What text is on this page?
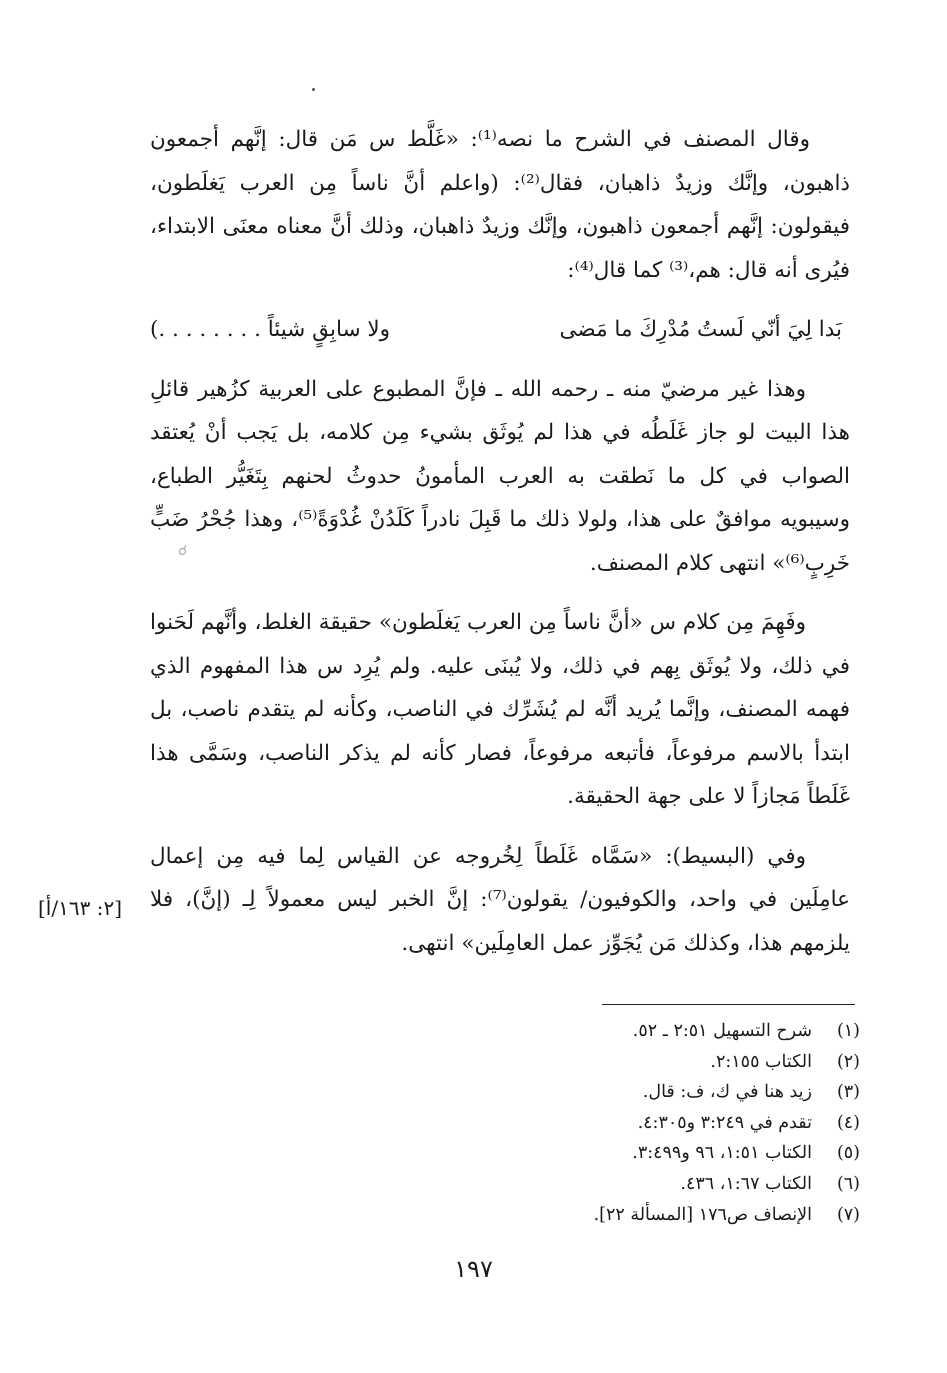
☌

وقال المصنف في الشرح ما نصه⁽¹⁾: «غَلَّط س مَن قال: إنَّهم أجمعون ذاهبون، وإنَّك وزيدٌ ذاهبان، فقال⁽²⁾: (واعلم أنَّ ناساً مِن العرب يَغلَطون، فيقولون: إنَّهم أجمعون ذاهبون، وإنَّك وزيدٌ ذاهبان، وذلك أنَّ معناه معنَى الابتداء، فيُرى أنه قال: هم،⁽³⁾ كما قال⁽⁴⁾:

بَدا لِيَ أنّي لَستُ مُدْرِكَ ما مَضى
ولا سابِقٍ شيئاً . . . . . . . .)

وهذا غير مرضيّ منه ـ رحمه الله ـ فإنَّ المطبوع على العربية كزُهير قائلِ هذا البيت لو جاز غَلَطُه في هذا لم يُوثَق بشيء مِن كلامه، بل يَجب أنْ يُعتقد الصواب في كل ما نَطقت به العرب المأمونُ حدوثُ لحنهم بِتَغَيُّر الطباع، وسيبويه موافقٌ على هذا، ولولا ذلك ما قَبِلَ نادراً كَلَدُنْ غُدْوَةً⁽⁵⁾، وهذا جُحْرُ ضَبٍّ خَرِبٍ⁽⁶⁾» انتهى كلام المصنف.

وفَهِمَ مِن كلام س «أنَّ ناساً مِن العرب يَغلَطون» حقيقة الغلط، وأنَّهم لَحَنوا في ذلك، ولا يُوثَق بِهم في ذلك، ولا يُبنَى عليه. ولم يُرِد س هذا المفهوم الذي فهمه المصنف، وإنَّما يُريد أنَّه لم يُشَرِّك في الناصب، وكأنه لم يتقدم ناصب، بل ابتدأ بالاسم مرفوعاً، فأتبعه مرفوعاً، فصار كأنه لم يذكر الناصب، وسَمَّى هذا غَلَطاً مَجازاً لا على جهة الحقيقة.

وفي (البسيط): «سَمَّاه غَلَطاً لِخُروجه عن القياس لِما فيه مِن إعمال عامِلَين في واحد، والكوفيون/ يقولون⁽⁷⁾: إنَّ الخبر ليس معمولاً لِـ (إنَّ)، فلا يلزمهم هذا، وكذلك مَن يُجَوِّز عمل العامِلَين» انتهى.

[٢: ١٦٣/أ]
(١)
شرح التسهيل ٢:٥١ ـ ٥٢.
(٢)
الكتاب ٢:١٥٥.
(٣)
زيد هنا في ك، ف: قال.
(٤)
تقدم في ٣:٢٤٩ و٤:٣٠٥.
(٥)
الكتاب ١:٥١، ٩٦ و٣:٤٩٩.
(٦)
الكتاب ١:٦٧، ٤٣٦.
(٧)
الإنصاف ص١٧٦ [المسألة ٢٢].
١٩٧
